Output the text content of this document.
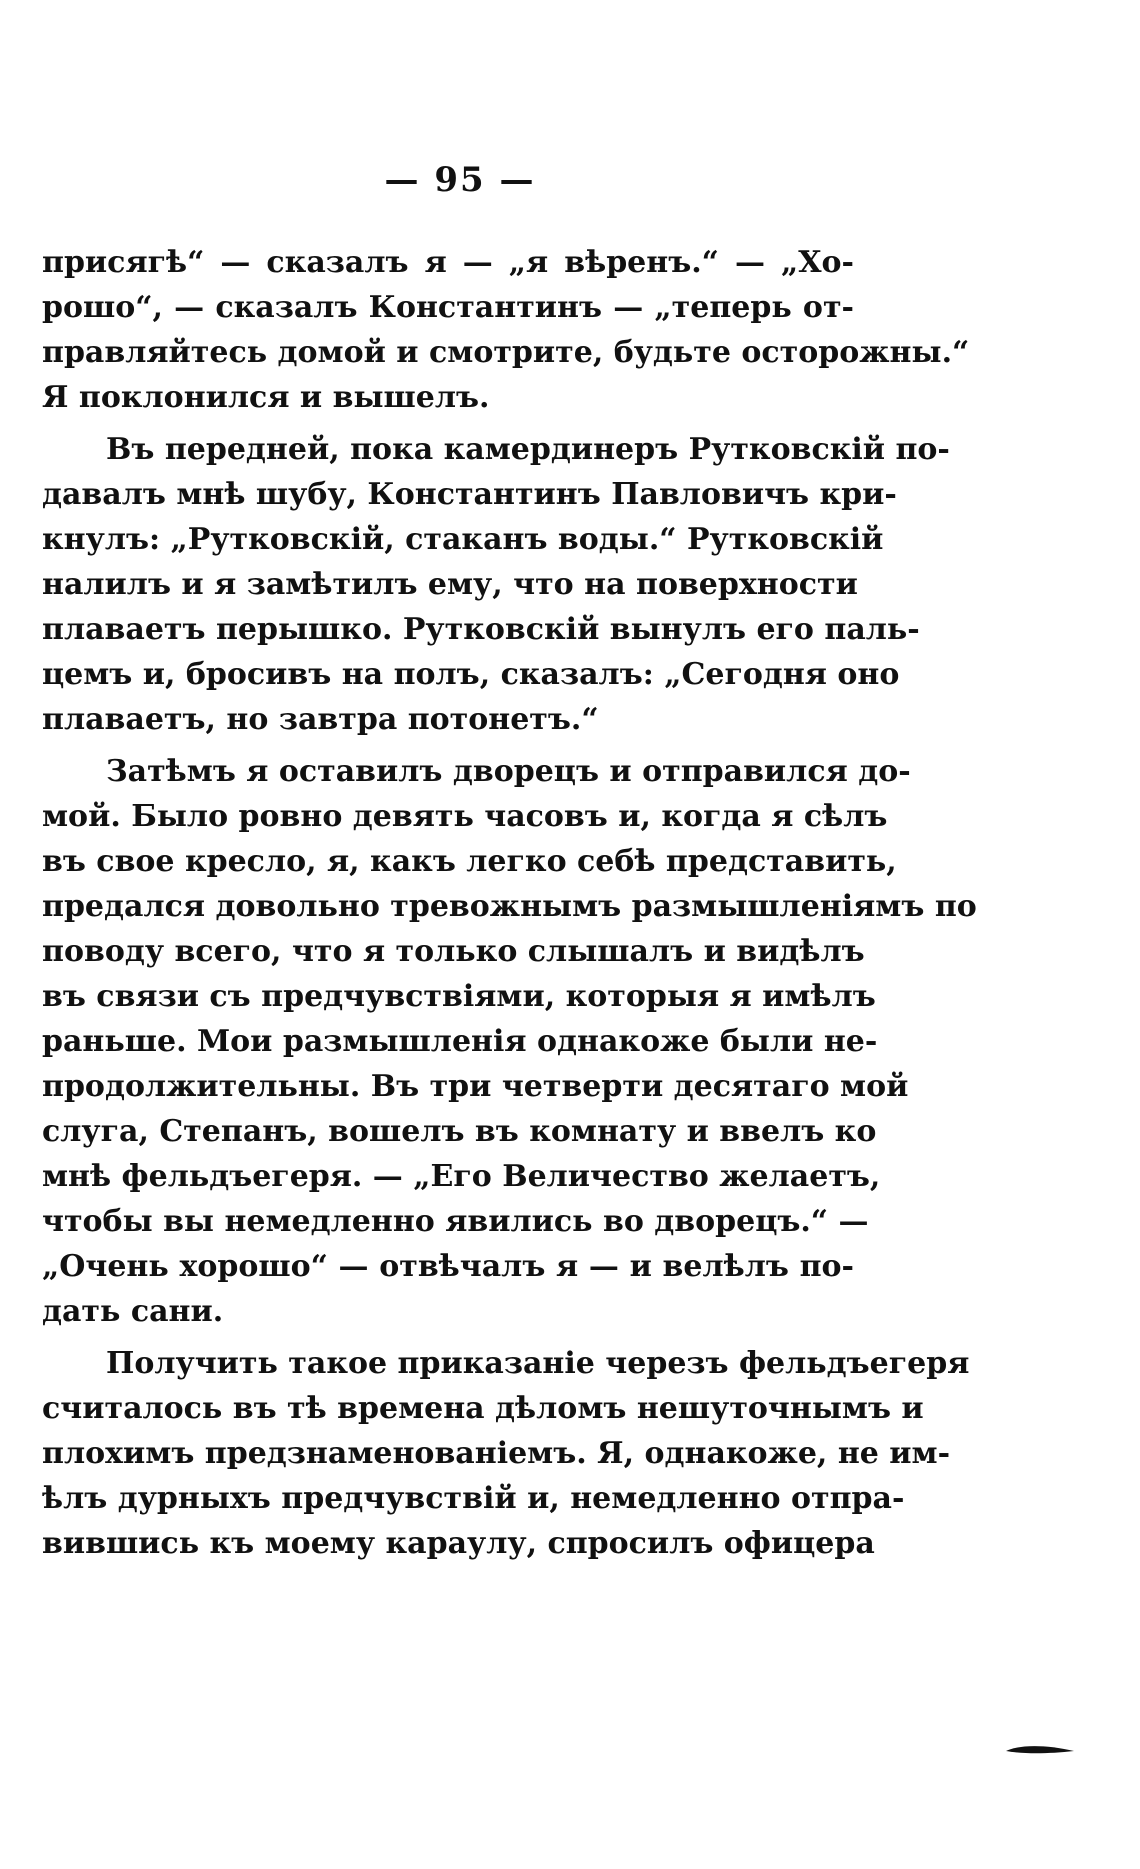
— 95 —
присягѣ“ — сказалъ я — „я вѣренъ.“ — „Хо-
рошо“, — сказалъ Константинъ — „теперь от-
правляйтесь домой и смотрите, будьте осторожны.“
Я поклонился и вышелъ.
Въ передней, пока камердинеръ Рутковскій по-
давалъ мнѣ шубу, Константинъ Павловичъ кри-
кнулъ: „Рутковскій, стаканъ воды.“ Рутковскій
налилъ и я замѣтилъ ему, что на поверхности
плаваетъ перышко. Рутковскій вынулъ его паль-
цемъ и, бросивъ на полъ, сказалъ: „Сегодня оно
плаваетъ, но завтра потонетъ.“
Затѣмъ я оставилъ дворецъ и отправился до-
мой. Было ровно девять часовъ и, когда я сѣлъ
въ свое кресло, я, какъ легко себѣ представить,
предался довольно тревожнымъ размышленіямъ по
поводу всего, что я только слышалъ и видѣлъ
въ связи съ предчувствіями, которыя я имѣлъ
раньше. Мои размышленія однакоже были не-
продолжительны. Въ три четверти десятаго мой
слуга, Степанъ, вошелъ въ комнату и ввелъ ко
мнѣ фельдъегеря. — „Его Величество желаетъ,
чтобы вы немедленно явились во дворецъ.“ —
„Очень хорошо“ — отвѣчалъ я — и велѣлъ по-
дать сани.
Получить такое приказаніе черезъ фельдъегеря
считалось въ тѣ времена дѣломъ нешуточнымъ и
плохимъ предзнаменованіемъ. Я, однакоже, не им-
ѣлъ дурныхъ предчувствій и, немедленно отпра-
вившись къ моему караулу, спросилъ офицера
